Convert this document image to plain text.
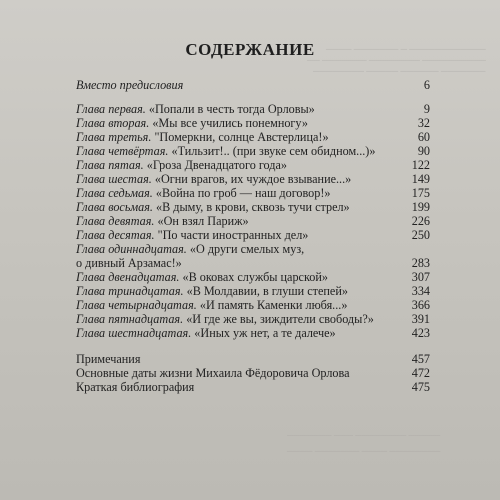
──────────── ─ ─────── ────
────────── ──────── ─────── ──
─────── ────── ───── ────────
───── ──────── ─── ───────
──────── ──── ─────── ────
СОДЕРЖАНИЕ
Вместо предисловия	6
Глава первая. «Попали в честь тогда Орловы»	9
Глава вторая. «Мы все учились понемногу»	32
Глава третья. "Померкни, солнце Австерлица!»	60
Глава четвёртая. «Тильзит!.. (при звуке сем обидном...)»	90
Глава пятая. «Гроза Двенадцатого года»	122
Глава шестая. «Огни врагов, их чуждое взывание...»	149
Глава седьмая. «Война по гроб — наш договор!»	175
Глава восьмая. «В дыму, в крови, сквозь тучи стрел»	199
Глава девятая. «Он взял Париж»	226
Глава десятая. "По части иностранных дел»	250
Глава одиннадцатая. «О други смелых муз,
о дивный Арзамас!»	283
Глава двенадцатая. «В оковах службы царской»	307
Глава тринадцатая. «В Молдавии, в глуши степей»	334
Глава четырнадцатая. «И память Каменки любя...»	366
Глава пятнадцатая. «И где же вы, зиждители свободы?»	391
Глава шестнадцатая. «Иных уж нет, а те далече»	423
Примечания	457
Основные даты жизни Михаила Фёдоровича Орлова	472
Краткая библиография	475
